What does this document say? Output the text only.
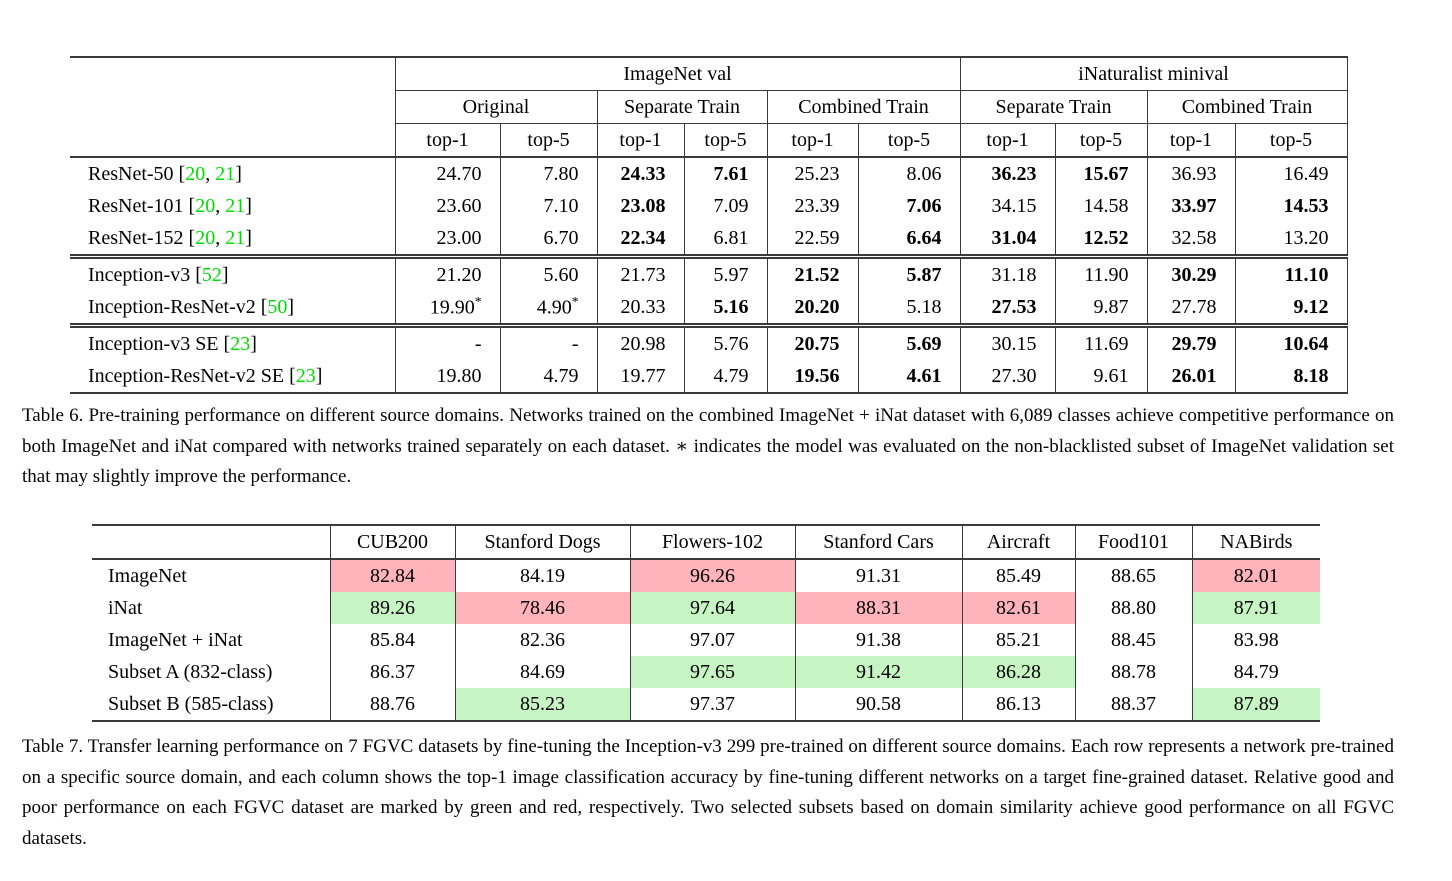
	ImageNet val						iNaturalist minival			
	Original		Separate Train		Combined Train		Separate Train		Combined Train	
	top-1	top-5	top-1	top-5	top-1	top-5	top-1	top-5	top-1	top-5
ResNet-50 [20, 21]	24.70	7.80	24.33	7.61	25.23	8.06	36.23	15.67	36.93	16.49
ResNet-101 [20, 21]	23.60	7.10	23.08	7.09	23.39	7.06	34.15	14.58	33.97	14.53
ResNet-152 [20, 21]	23.00	6.70	22.34	6.81	22.59	6.64	31.04	12.52	32.58	13.20
Inception-v3 [52]	21.20	5.60	21.73	5.97	21.52	5.87	31.18	11.90	30.29	11.10
Inception-ResNet-v2 [50]	19.90*	4.90*	20.33	5.16	20.20	5.18	27.53	9.87	27.78	9.12
Inception-v3 SE [23]	-	-	20.98	5.76	20.75	5.69	30.15	11.69	29.79	10.64
Inception-ResNet-v2 SE [23]	19.80	4.79	19.77	4.79	19.56	4.61	27.30	9.61	26.01	8.18
Table 6. Pre-training performance on different source domains. Networks trained on the combined ImageNet + iNat dataset with 6,089 classes achieve competitive performance on both ImageNet and iNat compared with networks trained separately on each dataset. ∗ indicates the model was evaluated on the non-blacklisted subset of ImageNet validation set that may slightly improve the performance.
	CUB200	Stanford Dogs	Flowers-102	Stanford Cars	Aircraft	Food101	NABirds
ImageNet	82.84	84.19	96.26	91.31	85.49	88.65	82.01
iNat	89.26	78.46	97.64	88.31	82.61	88.80	87.91
ImageNet + iNat	85.84	82.36	97.07	91.38	85.21	88.45	83.98
Subset A (832-class)	86.37	84.69	97.65	91.42	86.28	88.78	84.79
Subset B (585-class)	88.76	85.23	97.37	90.58	86.13	88.37	87.89
Table 7. Transfer learning performance on 7 FGVC datasets by fine-tuning the Inception-v3 299 pre-trained on different source domains. Each row represents a network pre-trained on a specific source domain, and each column shows the top-1 image classification accuracy by fine-tuning different networks on a target fine-grained dataset. Relative good and poor performance on each FGVC dataset are marked by green and red, respectively. Two selected subsets based on domain similarity achieve good performance on all FGVC datasets.
